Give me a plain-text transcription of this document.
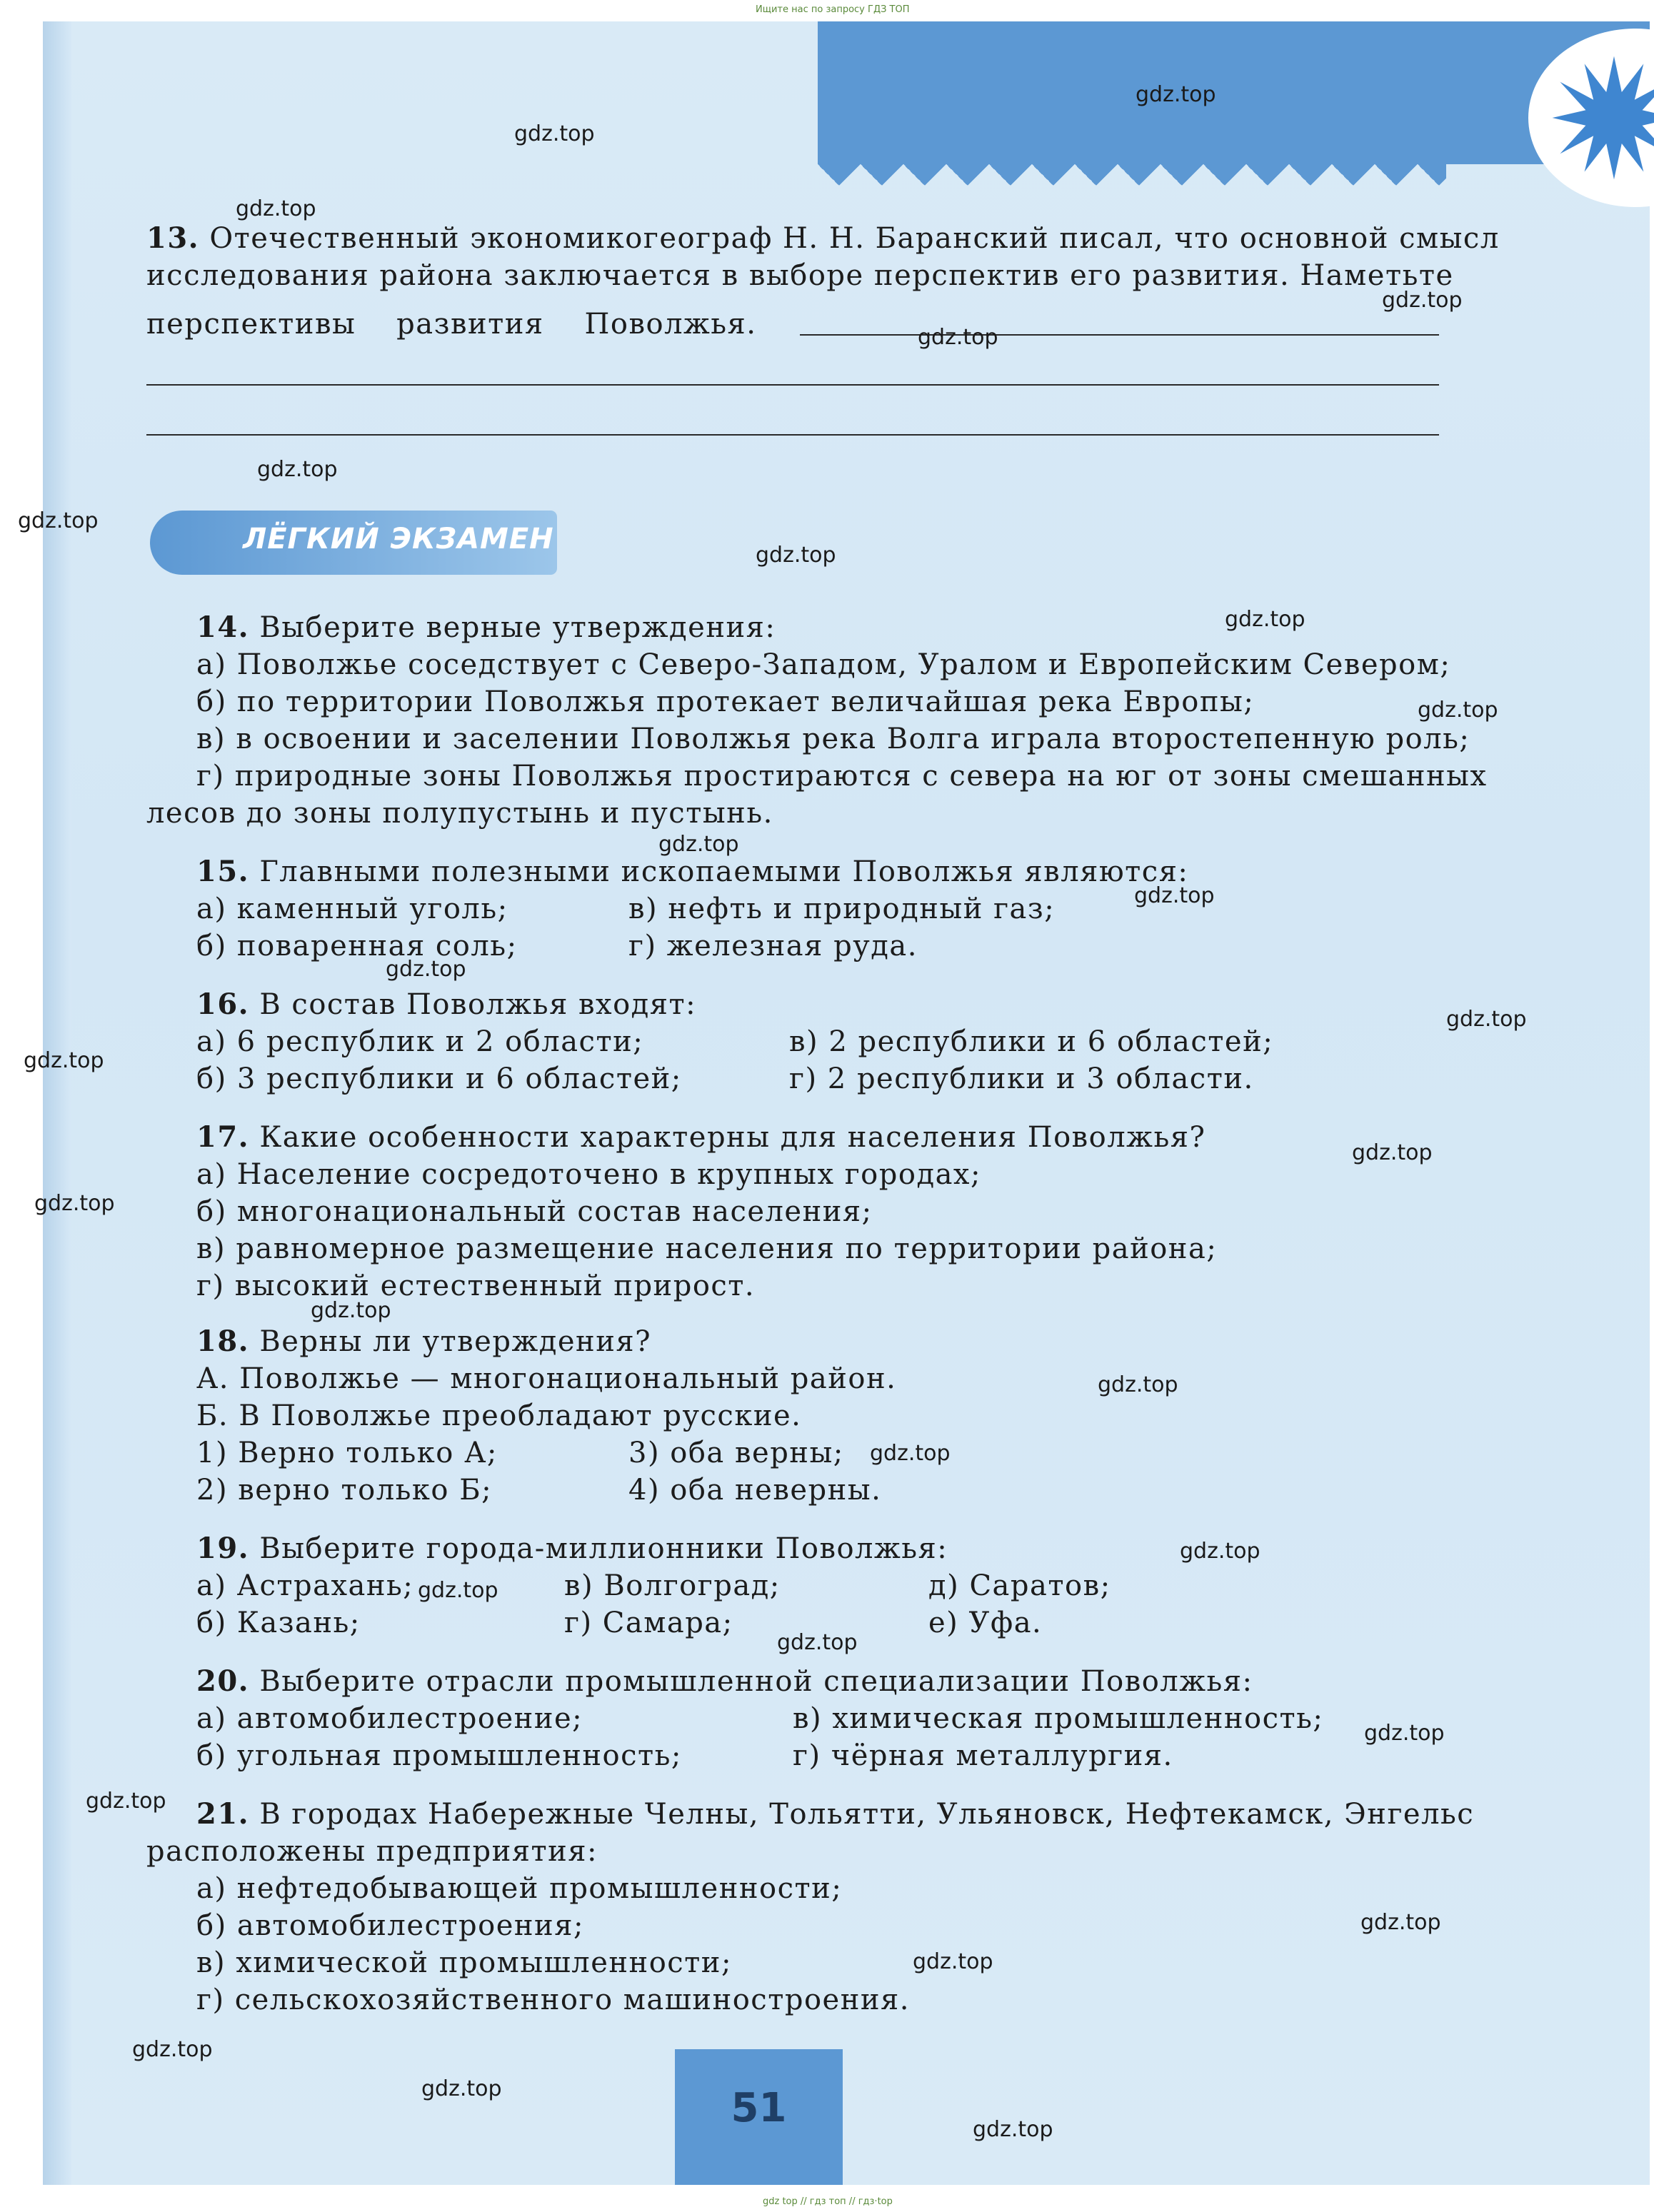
Ищите нас по запросу ГДЗ ТОП
13. Отечественный экономикогеограф Н. Н. Баранский писал, что основной смысл
исследования района заключается в выборе перспектив его развития. Наметьте
перспективы    развития    Поволжья.
ЛЁГКИЙ ЭКЗАМЕН
14. Выберите верные утверждения:
а) Поволжье соседствует с Северо-Западом, Уралом и Европейским Севером;
б) по территории Поволжья протекает величайшая река Европы;
в) в освоении и заселении Поволжья река Волга играла второстепенную роль;
г) природные зоны Поволжья простираются с севера на юг от зоны смешанных
лесов до зоны полупустынь и пустынь.
15. Главными полезными ископаемыми Поволжья являются:
а) каменный уголь;	в) нефть и природный газ;
б) поваренная соль;	г) железная руда.
16. В состав Поволжья входят:
а) 6 республик и 2 области;	в) 2 республики и 6 областей;
б) 3 республики и 6 областей;	г) 2 республики и 3 области.
17. Какие особенности характерны для населения Поволжья?
а) Население сосредоточено в крупных городах;
б) многонациональный состав населения;
в) равномерное размещение населения по территории района;
г) высокий естественный прирост.
18. Верны ли утверждения?
А. Поволжье — многонациональный район.
Б. В Поволжье преобладают русские.
1) Верно только А;	3) оба верны;
2) верно только Б;	4) оба неверны.
19. Выберите города-миллионники Поволжья:
а) Астрахань;	в) Волгоград;	д) Саратов;
б) Казань;	г) Самара;	е) Уфа.
20. Выберите отрасли промышленной специализации Поволжья:
а) автомобилестроение;	в) химическая промышленность;
б) угольная промышленность;	г) чёрная металлургия.
21. В городах Набережные Челны, Тольятти, Ульяновск, Нефтекамск, Энгельс
расположены предприятия:
а) нефтедобывающей промышленности;
б) автомобилестроения;
в) химической промышленности;
г) сельскохозяйственного машиностроения.
51
gdz.top
gdz.top
gdz.top
gdz.top
gdz.top
gdz.top
gdz.top
gdz.top
gdz.top
gdz.top
gdz.top
gdz.top
gdz.top
gdz.top
gdz.top
gdz.top
gdz.top
gdz.top
gdz.top
gdz.top
gdz.top
gdz.top
gdz.top
gdz.top
gdz.top
gdz.top
gdz.top
gdz.top
gdz.top
gdz.top
gdz top // гдз топ // гдз·top
